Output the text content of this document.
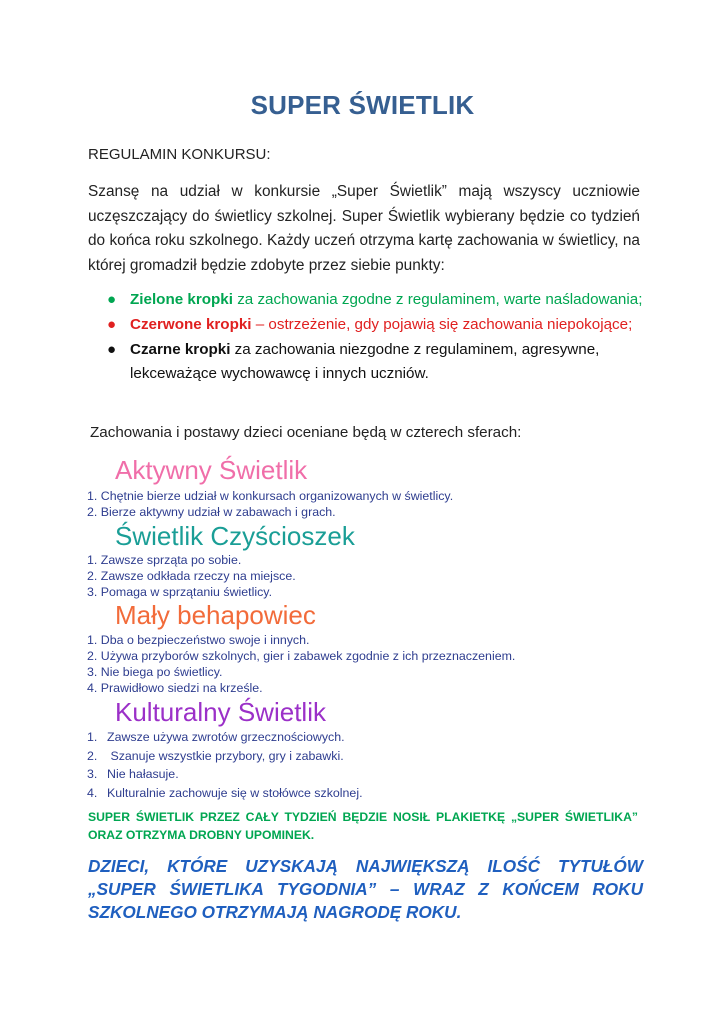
SUPER ŚWIETLIK
REGULAMIN KONKURSU:
Szansę na udział w konkursie „Super Świetlik” mają wszyscy uczniowie uczęszczający do świetlicy szkolnej. Super Świetlik wybierany będzie co tydzień do końca roku szkolnego. Każdy uczeń otrzyma kartę zachowania w świetlicy, na której gromadził będzie zdobyte przez siebie punkty:
● Zielone kropki za zachowania zgodne z regulaminem, warte naśladowania;
● Czerwone kropki – ostrzeżenie, gdy pojawią się zachowania niepokojące;
● Czarne kropki za zachowania niezgodne z regulaminem, agresywne, lekceważące wychowawcę i innych uczniów.
Zachowania i postawy dzieci oceniane będą w czterech sferach:
Aktywny Świetlik
1. Chętnie bierze udział w konkursach organizowanych w świetlicy.
2. Bierze aktywny udział w zabawach i grach.
Świetlik Czyścioszek
1. Zawsze sprząta po sobie.
2. Zawsze odkłada rzeczy na miejsce.
3. Pomaga w sprzątaniu świetlicy.
Mały behapowiec
1. Dba o bezpieczeństwo swoje i innych.
2. Używa przyborów szkolnych, gier i zabawek zgodnie z ich przeznaczeniem.
3. Nie biega po świetlicy.
4. Prawidłowo siedzi na krześle.
Kulturalny Świetlik
1. Zawsze używa zwrotów grzecznościowych.
2. Szanuje wszystkie przybory, gry i zabawki.
3. Nie hałasuje.
4. Kulturalnie zachowuje się w stołówce szkolnej.
SUPER ŚWIETLIK PRZEZ CAŁY TYDZIEŃ BĘDZIE NOSIŁ PLAKIETKĘ „SUPER ŚWIETLIKA” ORAZ OTRZYMA DROBNY UPOMINEK.
DZIECI, KTÓRE UZYSKAJĄ NAJWIĘKSZĄ ILOŚĆ TYTUŁÓW „SUPER ŚWIETLIKA TYGODNIA” – WRAZ Z KOŃCEM ROKU SZKOLNEGO OTRZYMAJĄ NAGRODĘ ROKU.
